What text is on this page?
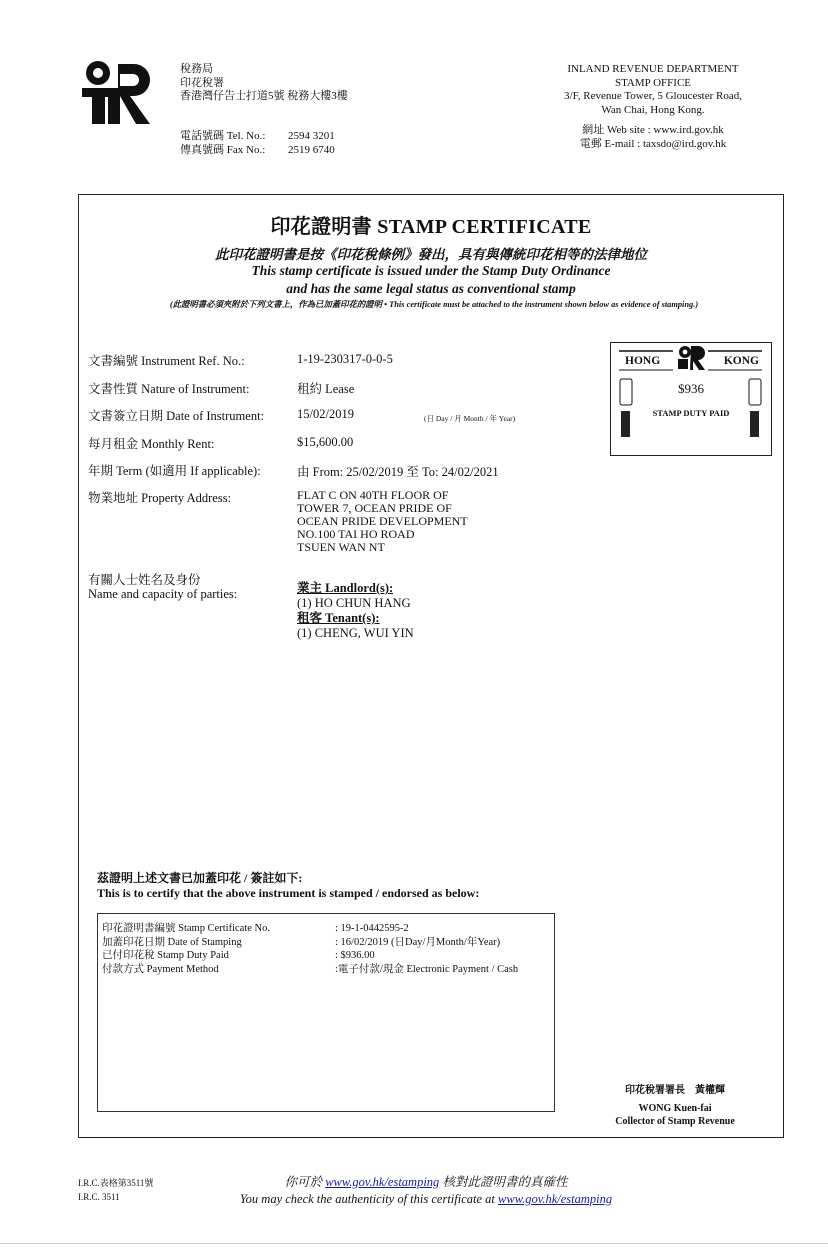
稅務局
印花稅署
香港灣仔告士打道5號 稅務大樓3樓
電話號碼 Tel. No.:	2594 3201
傳真號碼 Fax No.:	2519 6740
INLAND REVENUE DEPARTMENT
STAMP OFFICE
3/F, Revenue Tower, 5 Gloucester Road,
Wan Chai, Hong Kong.
網址 Web site : www.ird.gov.hk
電郵 E-mail : taxsdo@ird.gov.hk
印花證明書 STAMP CERTIFICATE
此印花證明書是按《印花稅條例》發出，具有與傳統印花相等的法律地位
This stamp certificate is issued under the Stamp Duty Ordinance
and has the same legal status as conventional stamp
(此證明書必須夾附於下列文書上，作為已加蓋印花的證明 • This certificate must be attached to the instrument shown below as evidence of stamping.)
文書編號 Instrument Ref. No.:	1-19-230317-0-0-5
文書性質 Nature of Instrument:	租約 Lease
文書簽立日期 Date of Instrument:	15/02/2019	(日 Day / 月 Month / 年 Year)
每月租金 Monthly Rent:	$15,600.00
年期 Term (如適用 If applicable):	由 From: 25/02/2019 至 To: 24/02/2021
物業地址 Property Address:	FLAT C ON 40TH FLOOR OF
TOWER 7, OCEAN PRIDE OF
OCEAN PRIDE DEVELOPMENT
NO.100 TAI HO ROAD
TSUEN WAN NT
有關人士姓名及身份
Name and capacity of parties:	業主 Landlord(s):
(1) HO CHUN HANG
租客 Tenant(s):
(1) CHENG, WUI YIN
HONG	KONG
$936
STAMP DUTY PAID
茲證明上述文書已加蓋印花 / 簽註如下:
This is to certify that the above instrument is stamped / endorsed as below:
印花證明書編號 Stamp Certificate No.	: 19-1-0442595-2
加蓋印花日期 Date of Stamping	: 16/02/2019 (日Day/月Month/年Year)
已付印花稅 Stamp Duty Paid	: $936.00
付款方式 Payment Method	:電子付款/現金 Electronic Payment / Cash
印花稅署署長　黃權輝
WONG Kuen-fai
Collector of Stamp Revenue
I.R.C.表格第3511號
I.R.C. 3511
你可於 www.gov.hk/estamping 核對此證明書的真確性
You may check the authenticity of this certificate at www.gov.hk/estamping
